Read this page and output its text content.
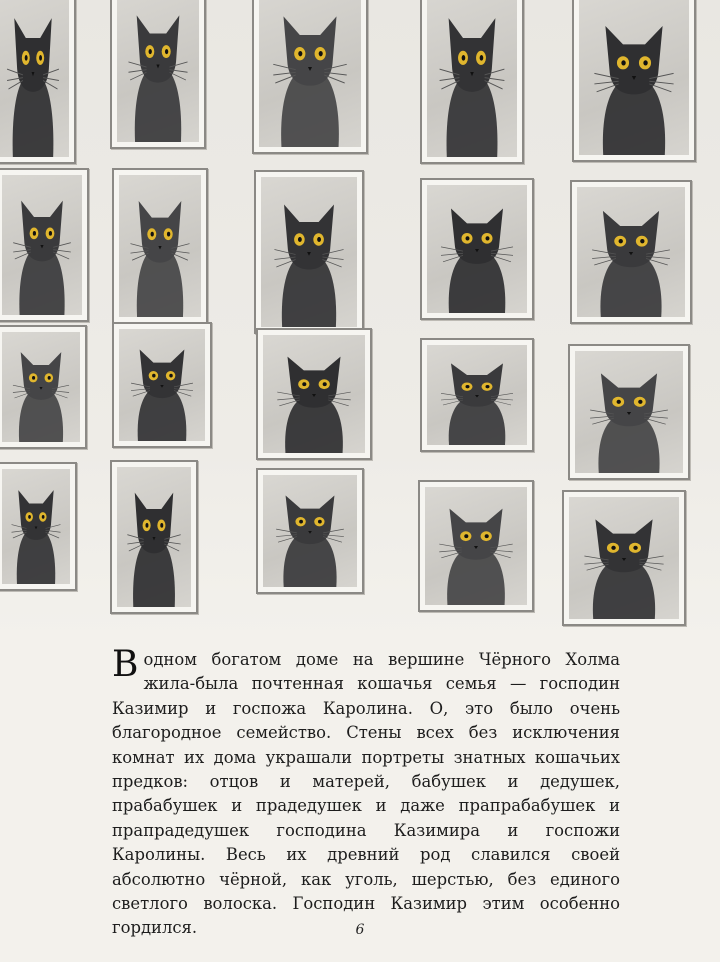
В одном богатом доме на вершине Чёрного Холма жила-была почтенная кошачья семья — господин Казимир и госпожа Каролина. О, это было очень благородное семейство. Стены всех без исключения комнат их дома украшали портреты знатных кошачьих предков: отцов и матерей, бабушек и дедушек, прабабушек и прадедушек и даже прапрабабушек и прапрадедушек господина Казимира и госпожи Каролины. Весь их древний род славился своей абсолютно чёрной, как уголь, шерстью, без единого светлого волоска. Господин Казимир этим особенно гордился.	6
